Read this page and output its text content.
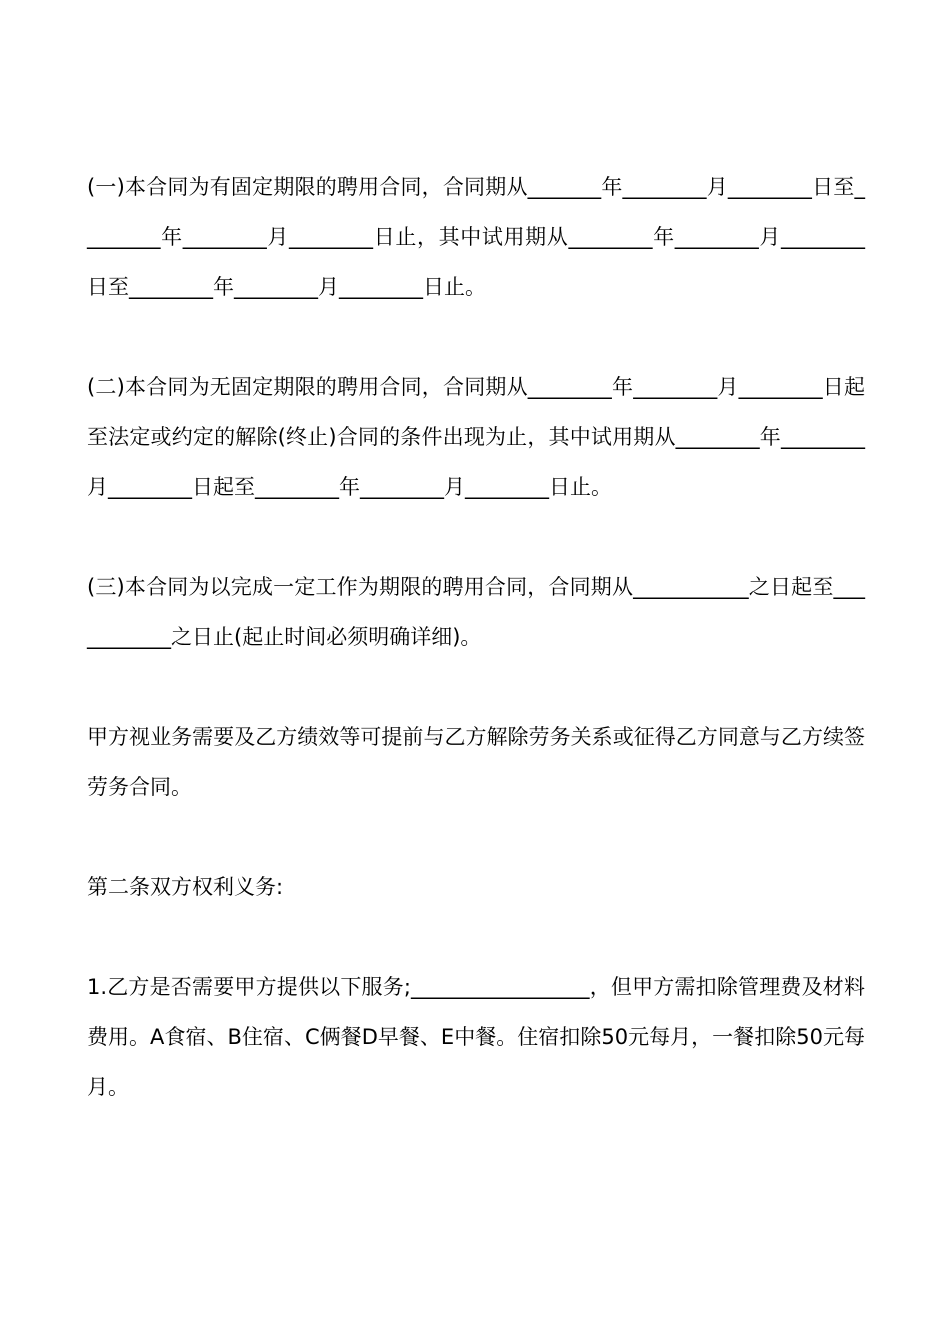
(一)本合同为有固定期限的聘用合同，合同期从_______年________月________日至________年________月________日止，其中试用期从________年________月________日至________年________月________日止。

(二)本合同为无固定期限的聘用合同，合同期从________年________月________日起至法定或约定的解除(终止)合同的条件出现为止，其中试用期从________年________月________日起至________年________月________日止。

(三)本合同为以完成一定工作为期限的聘用合同，合同期从___________之日起至___________之日止(起止时间必须明确详细)。

甲方视业务需要及乙方绩效等可提前与乙方解除劳务关系或征得乙方同意与乙方续签劳务合同。

第二条双方权利义务:

1.乙方是否需要甲方提供以下服务;_________________，但甲方需扣除管理费及材料费用。A食宿、B住宿、C俩餐D早餐、E中餐。住宿扣除50元每月，一餐扣除50元每月。
